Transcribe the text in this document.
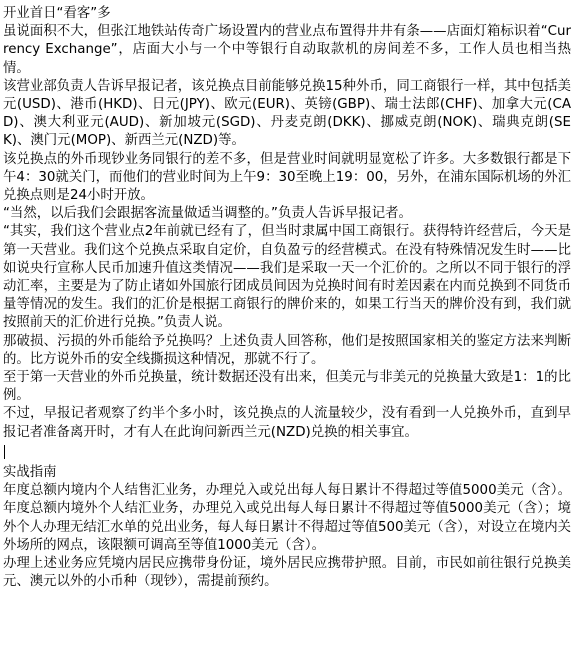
开业首日“看客”多

虽说面积不大，但张江地铁站传奇广场设置内的营业点布置得井井有条——店面灯箱标识着“Currency Exchange”，店面大小与一个中等银行自动取款机的房间差不多，工作人员也相当热情。

该营业部负责人告诉早报记者，该兑换点目前能够兑换15种外币，同工商银行一样，其中包括美元(USD)、港币(HKD)、日元(JPY)、欧元(EUR)、英镑(GBP)、瑞士法郎(CHF)、加拿大元(CAD)、澳大利亚元(AUD)、新加坡元(SGD)、丹麦克朗(DKK)、挪威克朗(NOK)、瑞典克朗(SEK)、澳门元(MOP)、新西兰元(NZD)等。

该兑换点的外币现钞业务同银行的差不多，但是营业时间就明显宽松了许多。大多数银行都是下午4：30就关门，而他们的营业时间为上午9：30至晚上19：00，另外，在浦东国际机场的外汇兑换点则是24小时开放。

“当然，以后我们会跟据客流量做适当调整的。”负责人告诉早报记者。

“其实，我们这个营业点2年前就已经有了，但当时隶属中国工商银行。获得特许经营后，今天是第一天营业。我们这个兑换点采取自定价，自负盈亏的经营模式。在没有特殊情况发生时——比如说央行宣称人民币加速升值这类情况——我们是采取一天一个汇价的。之所以不同于银行的浮动汇率，主要是为了防止诸如外国旅行团成员间因为兑换时间有时差因素在内而兑换到不同货币量等情况的发生。我们的汇价是根据工商银行的牌价来的，如果工行当天的牌价没有到，我们就按照前天的汇价进行兑换。”负责人说。

那破损、污损的外币能给予兑换吗？上述负责人回答称，他们是按照国家相关的鉴定方法来判断的。比方说外币的安全线撕损这种情况，那就不行了。

至于第一天营业的外币兑换量，统计数据还没有出来，但美元与非美元的兑换量大致是1：1的比例。

不过，早报记者观察了约半个多小时，该兑换点的人流量较少，没有看到一人兑换外币，直到早报记者准备离开时，才有人在此询问新西兰元(NZD)兑换的相关事宜。

实战指南

年度总额内境内个人结售汇业务，办理兑入或兑出每人每日累计不得超过等值5000美元（含）。年度总额内境外个人结汇业务，办理兑入或兑出每人每日累计不得超过等值5000美元（含）；境外个人办理无结汇水单的兑出业务，每人每日累计不得超过等值500美元（含），对设立在境内关外场所的网点，该限额可调高至等值1000美元（含）。

办理上述业务应凭境内居民应携带身份证，境外居民应携带护照。目前，市民如前往银行兑换美元、澳元以外的小币种（现钞），需提前预约。
